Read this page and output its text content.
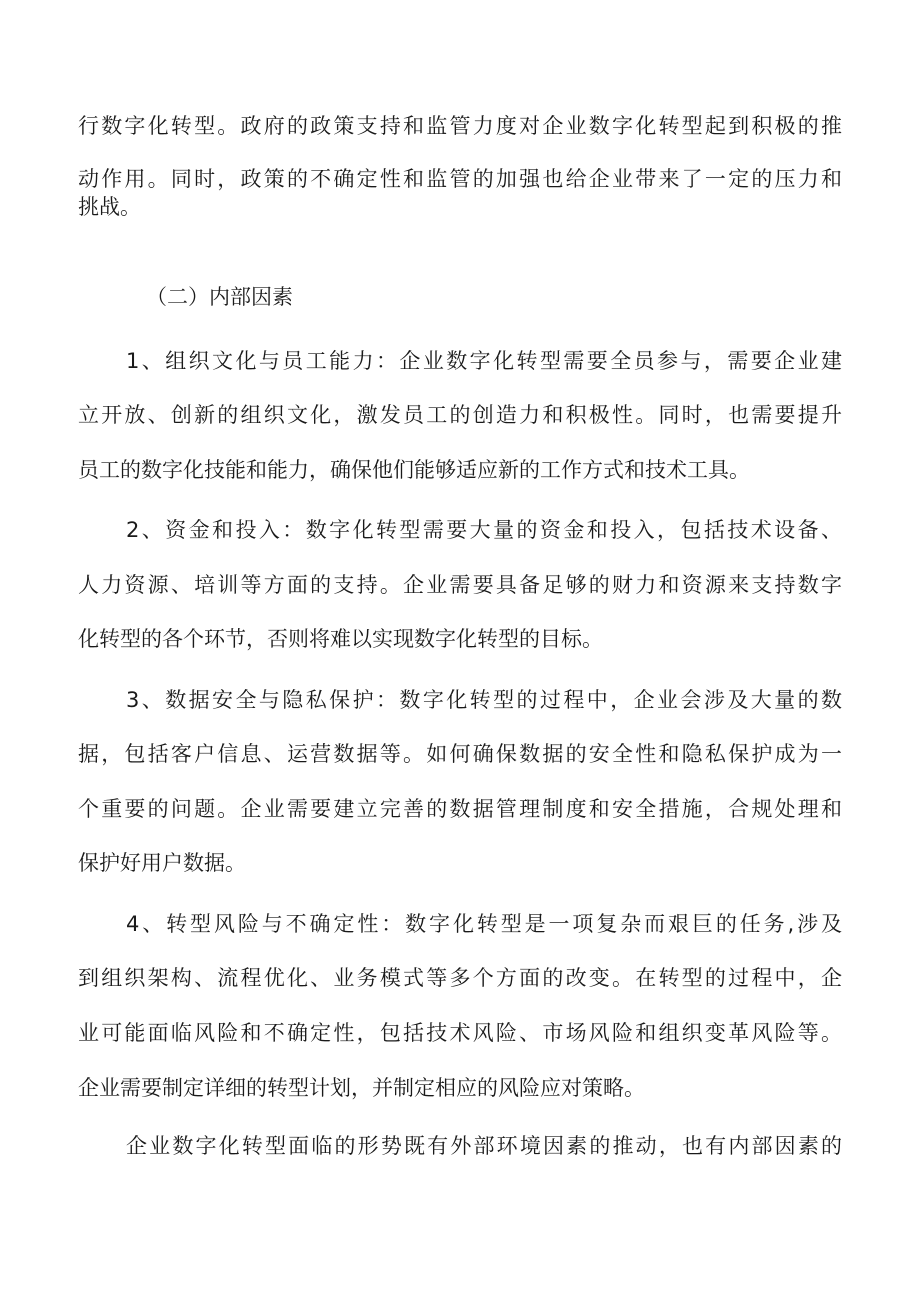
行数字化转型。政府的政策支持和监管力度对企业数字化转型起到积极的推
动作用。同时，政策的不确定性和监管的加强也给企业带来了一定的压力和
挑战。
（二）内部因素
1、组织文化与员工能力：企业数字化转型需要全员参与，需要企业建
立开放、创新的组织文化，激发员工的创造力和积极性。同时，也需要提升
员工的数字化技能和能力，确保他们能够适应新的工作方式和技术工具。
2、资金和投入：数字化转型需要大量的资金和投入，包括技术设备、
人力资源、培训等方面的支持。企业需要具备足够的财力和资源来支持数字
化转型的各个环节，否则将难以实现数字化转型的目标。
3、数据安全与隐私保护：数字化转型的过程中，企业会涉及大量的数
据，包括客户信息、运营数据等。如何确保数据的安全性和隐私保护成为一
个重要的问题。企业需要建立完善的数据管理制度和安全措施，合规处理和
保护好用户数据。
4、转型风险与不确定性：数字化转型是一项复杂而艰巨的任务,涉及
到组织架构、流程优化、业务模式等多个方面的改变。在转型的过程中，企
业可能面临风险和不确定性，包括技术风险、市场风险和组织变革风险等。
企业需要制定详细的转型计划，并制定相应的风险应对策略。
企业数字化转型面临的形势既有外部环境因素的推动，也有内部因素的
